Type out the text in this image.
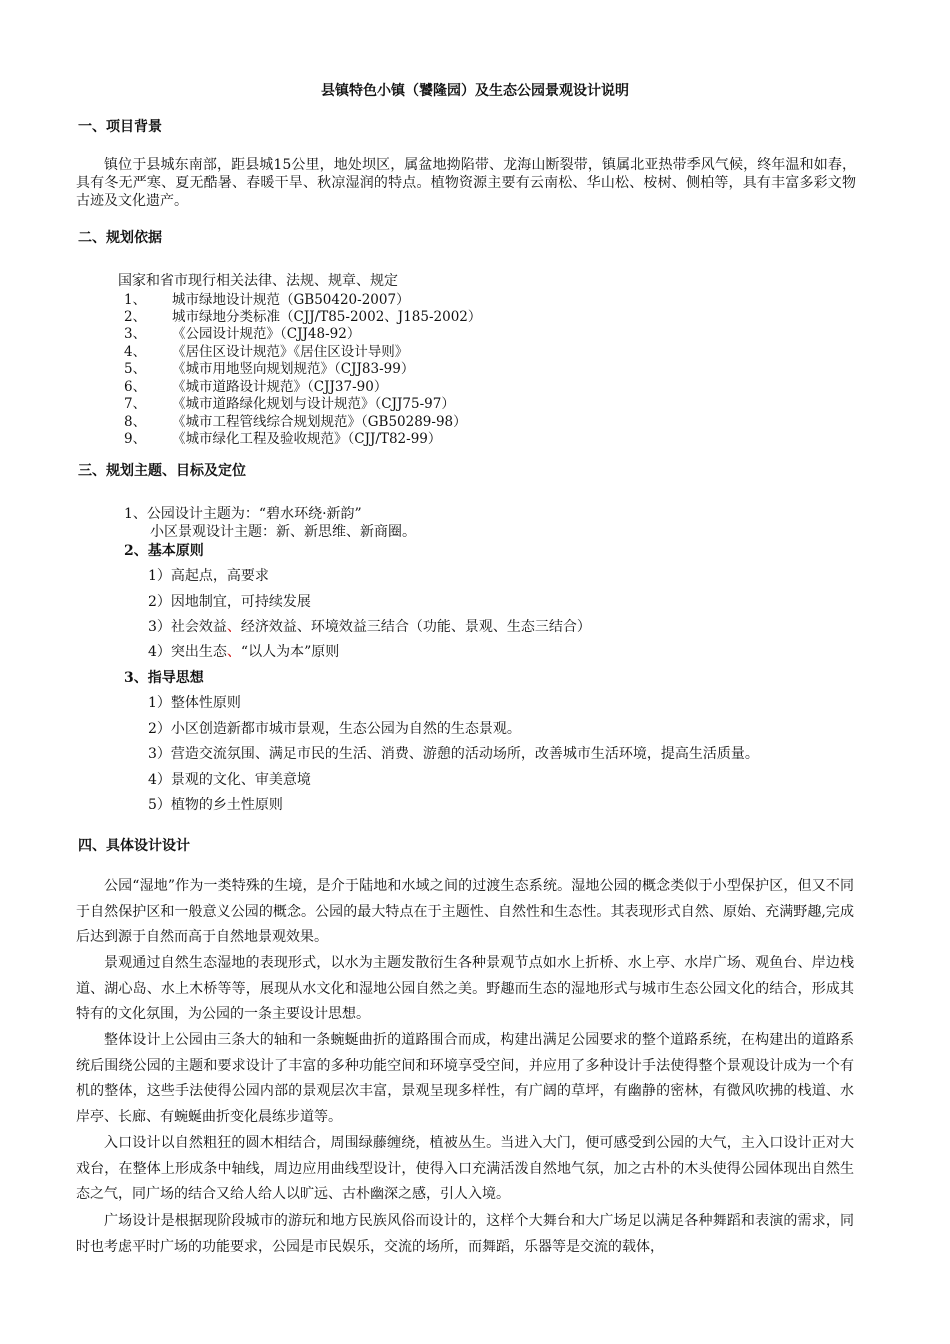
县镇特色小镇（饕隆园）及生态公园景观设计说明
一、项目背景
镇位于县城东南部，距县城15公里，地处坝区，属盆地拗陷带、龙海山断裂带，镇属北亚热带季风气候，终年温和如春，具有冬无严寒、夏无酷暑、春暖干旱、秋凉湿润的特点。植物资源主要有云南松、华山松、桉树、侧柏等，具有丰富多彩文物古迹及文化遗产。
二、规划依据
国家和省市现行相关法律、法规、规章、规定
1、 城市绿地设计规范（GB50420-2007）
2、 城市绿地分类标准（CJJ/T85-2002、J185-2002）
3、 《公园设计规范》（CJJ48-92）
4、 《居住区设计规范》《居住区设计导则》
5、 《城市用地竖向规划规范》（CJJ83-99）
6、 《城市道路设计规范》（CJJ37-90）
7、 《城市道路绿化规划与设计规范》（CJJ75-97）
8、 《城市工程管线综合规划规范》（GB50289-98）
9、 《城市绿化工程及验收规范》（CJJ/T82-99）
三、规划主题、目标及定位
1、公园设计主题为：“碧水环绕·新韵”
小区景观设计主题：新、新思维、新商圈。
2、基本原则
1）高起点，高要求
2）因地制宜，可持续发展
3）社会效益、经济效益、环境效益三结合（功能、景观、生态三结合）
4）突出生态、“以人为本”原则
3、指导思想
1）整体性原则
2）小区创造新都市城市景观，生态公园为自然的生态景观。
3）营造交流氛围、满足市民的生活、消费、游憩的活动场所，改善城市生活环境，提高生活质量。
4）景观的文化、审美意境
5）植物的乡土性原则
四、具体设计设计
公园“湿地”作为一类特殊的生境，是介于陆地和水域之间的过渡生态系统。湿地公园的概念类似于小型保护区，但又不同于自然保护区和一般意义公园的概念。公园的最大特点在于主题性、自然性和生态性。其表现形式自然、原始、充满野趣,完成后达到源于自然而高于自然地景观效果。
景观通过自然生态湿地的表现形式，以水为主题发散衍生各种景观节点如水上折桥、水上亭、水岸广场、观鱼台、岸边栈道、湖心岛、水上木桥等等，展现从水文化和湿地公园自然之美。野趣而生态的湿地形式与城市生态公园文化的结合，形成其特有的文化氛围，为公园的一条主要设计思想。
整体设计上公园由三条大的轴和一条蜿蜒曲折的道路围合而成，构建出满足公园要求的整个道路系统，在构建出的道路系统后围绕公园的主题和要求设计了丰富的多种功能空间和环境享受空间，并应用了多种设计手法使得整个景观设计成为一个有机的整体，这些手法使得公园内部的景观层次丰富，景观呈现多样性，有广阔的草坪，有幽静的密林，有微风吹拂的栈道、水岸亭、长廊、有蜿蜒曲折变化晨练步道等。
入口设计以自然粗狂的圆木相结合，周围绿藤缠绕，植被丛生。当进入大门，便可感受到公园的大气，主入口设计正对大戏台，在整体上形成条中轴线，周边应用曲线型设计，使得入口充满活泼自然地气氛，加之古朴的木头使得公园体现出自然生态之气，同广场的结合又给人给人以旷远、古朴幽深之感，引人入境。
广场设计是根据现阶段城市的游玩和地方民族风俗而设计的，这样个大舞台和大广场足以满足各种舞蹈和表演的需求，同时也考虑平时广场的功能要求，公园是市民娱乐，交流的场所，而舞蹈，乐器等是交流的载体，
